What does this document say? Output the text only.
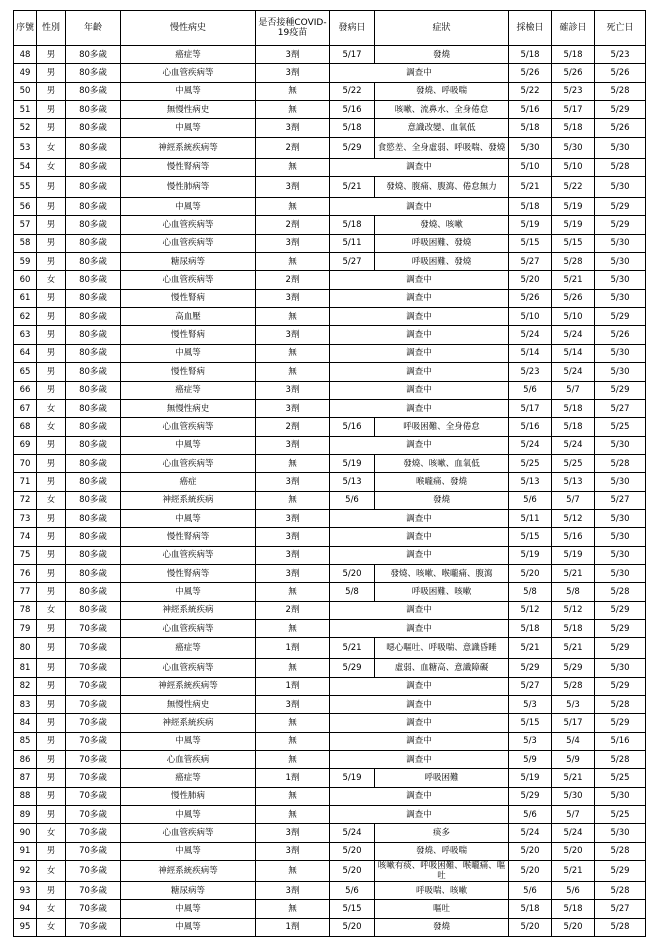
序號	性別	年齡	慢性病史	是否接種COVID-19疫苗	發病日	症狀	採檢日	確診日	死亡日
48	男	80多歲	癌症等	3劑	5/17	發燒	5/18	5/18	5/23
49	男	80多歲	心血管疾病等	3劑	調查中		5/26	5/26	5/26
50	男	80多歲	中風等	無	5/22	發燒、呼吸喘	5/22	5/23	5/28
51	男	80多歲	無慢性病史	無	5/16	咳嗽、流鼻水、全身倦怠	5/16	5/17	5/29
52	男	80多歲	中風等	3劑	5/18	意識改變、血氧低	5/18	5/18	5/26
53	女	80多歲	神經系統疾病等	2劑	5/29	食慾差、全身虛弱、呼吸喘、發燒	5/30	5/30	5/30
54	女	80多歲	慢性腎病等	無	調查中		5/10	5/10	5/28
55	男	80多歲	慢性肺病等	3劑	5/21	發燒、腹痛、腹瀉、倦怠無力	5/21	5/22	5/30
56	男	80多歲	中風等	無	調查中		5/18	5/19	5/29
57	男	80多歲	心血管疾病等	2劑	5/18	發燒、咳嗽	5/19	5/19	5/29
58	男	80多歲	心血管疾病等	3劑	5/11	呼吸困難、發燒	5/15	5/15	5/30
59	男	80多歲	糖尿病等	無	5/27	呼吸困難、發燒	5/27	5/28	5/30
60	女	80多歲	心血管疾病等	2劑	調查中		5/20	5/21	5/30
61	男	80多歲	慢性腎病	3劑	調查中		5/26	5/26	5/30
62	男	80多歲	高血壓	無	調查中		5/10	5/10	5/29
63	男	80多歲	慢性腎病	3劑	調查中		5/24	5/24	5/26
64	男	80多歲	中風等	無	調查中		5/14	5/14	5/30
65	男	80多歲	慢性腎病	無	調查中		5/23	5/24	5/30
66	男	80多歲	癌症等	3劑	調查中		5/6	5/7	5/29
67	女	80多歲	無慢性病史	3劑	調查中		5/17	5/18	5/27
68	女	80多歲	心血管疾病等	2劑	5/16	呼吸困難、全身倦怠	5/16	5/18	5/25
69	男	80多歲	中風等	3劑	調查中		5/24	5/24	5/30
70	男	80多歲	心血管疾病等	無	5/19	發燒、咳嗽、血氧低	5/25	5/25	5/28
71	男	80多歲	癌症	3劑	5/13	喉嚨痛、發燒	5/13	5/13	5/30
72	女	80多歲	神經系統疾病	無	5/6	發燒	5/6	5/7	5/27
73	男	80多歲	中風等	3劑	調查中		5/11	5/12	5/30
74	男	80多歲	慢性腎病等	3劑	調查中		5/15	5/16	5/30
75	男	80多歲	心血管疾病等	3劑	調查中		5/19	5/19	5/30
76	男	80多歲	慢性腎病等	3劑	5/20	發燒、咳嗽、喉嚨痛、腹瀉	5/20	5/21	5/30
77	男	80多歲	中風等	無	5/8	呼吸困難、咳嗽	5/8	5/8	5/28
78	女	80多歲	神經系統疾病	2劑	調查中		5/12	5/12	5/29
79	男	70多歲	心血管疾病等	無	調查中		5/18	5/18	5/29
80	男	70多歲	癌症等	1劑	5/21	噁心嘔吐、呼吸喘、意識昏睡	5/21	5/21	5/29
81	男	70多歲	心血管疾病等	無	5/29	虛弱、血糖高、意識障礙	5/29	5/29	5/30
82	男	70多歲	神經系統疾病等	1劑	調查中		5/27	5/28	5/29
83	男	70多歲	無慢性病史	3劑	調查中		5/3	5/3	5/28
84	男	70多歲	神經系統疾病	無	調查中		5/15	5/17	5/29
85	男	70多歲	中風等	無	調查中		5/3	5/4	5/16
86	男	70多歲	心血管疾病	無	調查中		5/9	5/9	5/28
87	男	70多歲	癌症等	1劑	5/19	呼吸困難	5/19	5/21	5/25
88	男	70多歲	慢性肺病	無	調查中		5/29	5/30	5/30
89	男	70多歲	中風等	無	調查中		5/6	5/7	5/25
90	女	70多歲	心血管疾病等	3劑	5/24	痰多	5/24	5/24	5/30
91	男	70多歲	中風等	3劑	5/20	發燒、呼吸喘	5/20	5/20	5/28
92	女	70多歲	神經系統疾病等	無	5/20	咳嗽有痰、呼吸困難、喉嚨痛、嘔吐	5/20	5/21	5/29
93	男	70多歲	糖尿病等	3劑	5/6	呼吸喘、咳嗽	5/6	5/6	5/28
94	女	70多歲	中風等	無	5/15	嘔吐	5/18	5/18	5/27
95	女	70多歲	中風等	1劑	5/20	發燒	5/20	5/20	5/28
